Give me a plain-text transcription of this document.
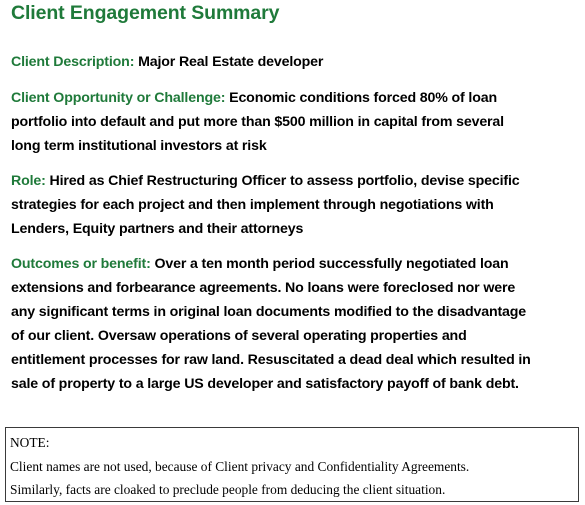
Client Engagement Summary
Client Description: Major Real Estate developer
Client Opportunity or Challenge: Economic conditions forced 80% of loan
portfolio into default and put more than $500 million in capital from several
long term institutional investors at risk
Role: Hired as Chief Restructuring Officer to assess portfolio, devise specific
strategies for each project and then implement through negotiations with
Lenders, Equity partners and their attorneys
Outcomes or benefit: Over a ten month period successfully negotiated loan
extensions and forbearance agreements. No loans were foreclosed nor were
any significant terms in original loan documents modified to the disadvantage
of our client. Oversaw operations of several operating properties and
entitlement processes for raw land. Resuscitated a dead deal which resulted in
sale of property to a large US developer and satisfactory payoff of bank debt.
NOTE:
Client names are not used, because of Client privacy and Confidentiality Agreements.
Similarly, facts are cloaked to preclude people from deducing the client situation.
